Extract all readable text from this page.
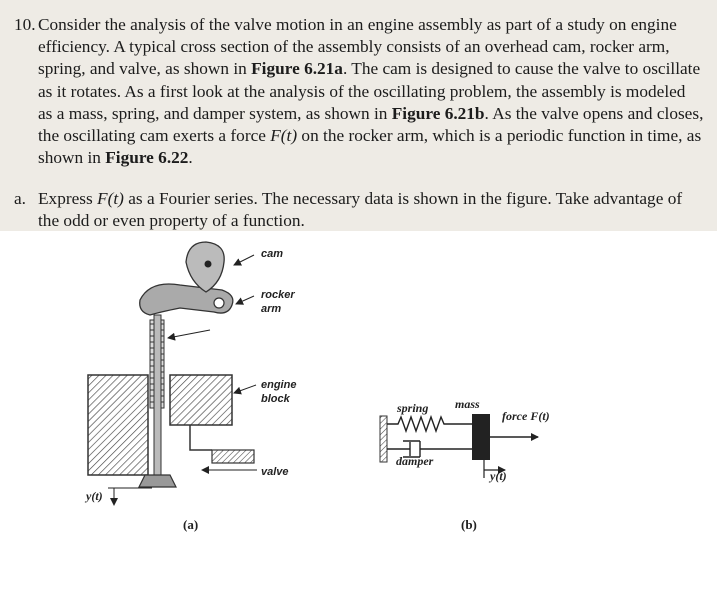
10. Consider the analysis of the valve motion in an engine assembly as part of a study on engine efficiency. A typical cross section of the assembly consists of an overhead cam, rocker arm, spring, and valve, as shown in Figure 6.21a. The cam is designed to cause the valve to oscillate as it rotates. As a first look at the analysis of the oscillating problem, the assembly is modeled as a mass, spring, and damper system, as shown in Figure 6.21b. As the valve opens and closes, the oscillating cam exerts a force F(t) on the rocker arm, which is a periodic function in time, as shown in Figure 6.22.
a. Express F(t) as a Fourier series. The necessary data is shown in the figure. Take advantage of the odd or even property of a function.
cam
rocker
arm
engine
block
valve
y(t)
(a)
spring mass
force F(t)
damper
y(t)
(b)
